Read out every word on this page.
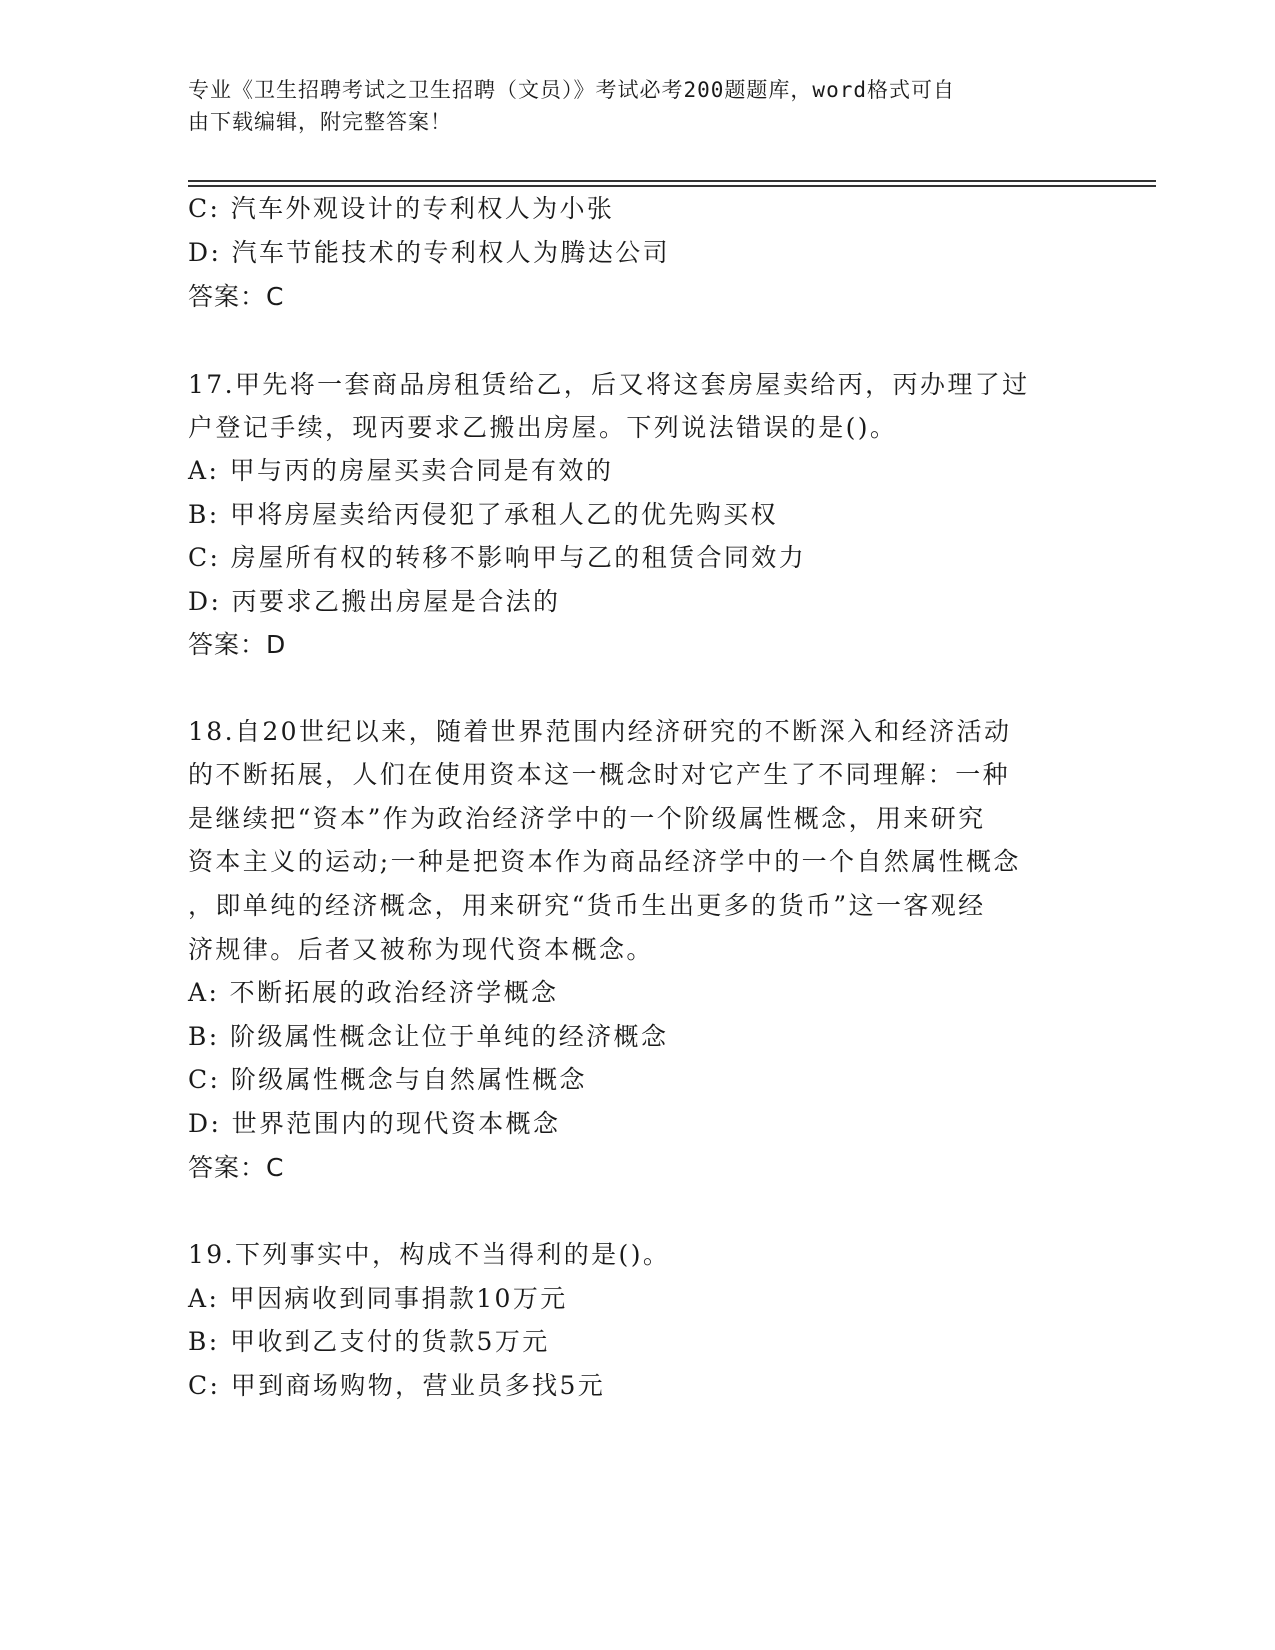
专业《卫生招聘考试之卫生招聘（文员）》考试必考200题题库，word格式可自
由下载编辑，附完整答案！
C: 汽车外观设计的专利权人为小张
D: 汽车节能技术的专利权人为腾达公司
答案：C
17.甲先将一套商品房租赁给乙，后又将这套房屋卖给丙，丙办理了过
户登记手续，现丙要求乙搬出房屋。下列说法错误的是()。
A: 甲与丙的房屋买卖合同是有效的
B: 甲将房屋卖给丙侵犯了承租人乙的优先购买权
C: 房屋所有权的转移不影响甲与乙的租赁合同效力
D: 丙要求乙搬出房屋是合法的
答案：D
18.自20世纪以来，随着世界范围内经济研究的不断深入和经济活动
的不断拓展，人们在使用资本这一概念时对它产生了不同理解：一种
是继续把“资本”作为政治经济学中的一个阶级属性概念，用来研究
资本主义的运动;一种是把资本作为商品经济学中的一个自然属性概念
，即单纯的经济概念，用来研究“货币生出更多的货币”这一客观经
济规律。后者又被称为现代资本概念。
A: 不断拓展的政治经济学概念
B: 阶级属性概念让位于单纯的经济概念
C: 阶级属性概念与自然属性概念
D: 世界范围内的现代资本概念
答案：C
19.下列事实中，构成不当得利的是()。
A: 甲因病收到同事捐款10万元
B: 甲收到乙支付的货款5万元
C: 甲到商场购物，营业员多找5元
